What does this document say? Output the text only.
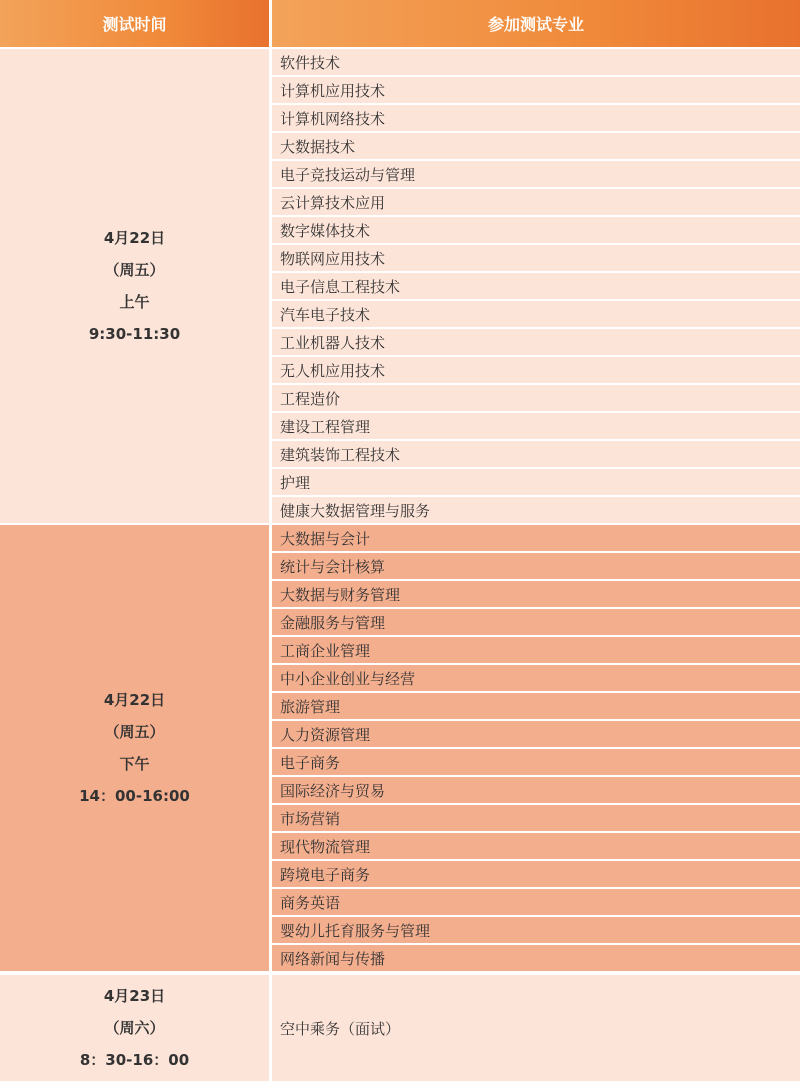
测试时间	参加测试专业
4月22日
（周五）
上午
9:30-11:30
软件技术
计算机应用技术
计算机网络技术
大数据技术
电子竞技运动与管理
云计算技术应用
数字媒体技术
物联网应用技术
电子信息工程技术
汽车电子技术
工业机器人技术
无人机应用技术
工程造价
建设工程管理
建筑装饰工程技术
护理
健康大数据管理与服务
4月22日
（周五）
下午
14：00-16:00
大数据与会计
统计与会计核算
大数据与财务管理
金融服务与管理
工商企业管理
中小企业创业与经营
旅游管理
人力资源管理
电子商务
国际经济与贸易
市场营销
现代物流管理
跨境电子商务
商务英语
婴幼儿托育服务与管理
网络新闻与传播
4月23日
（周六）
8：30-16：00
空中乘务（面试）
